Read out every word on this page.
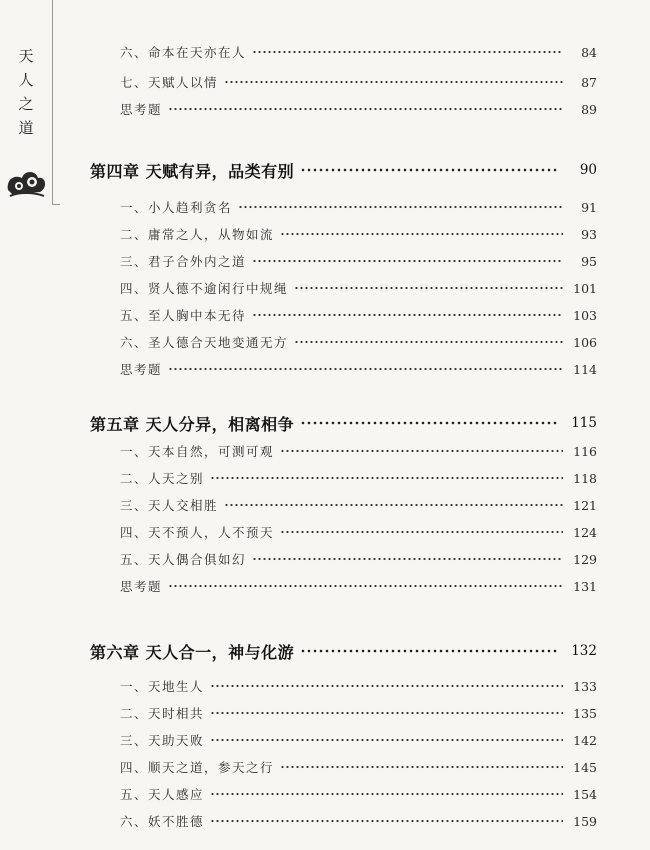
天
人
之
道
六、命本在天亦在人	84
七、天赋人以情	87
思考题	89
第四章 天赋有异，品类有别	90
一、小人趋利贪名	91
二、庸常之人，从物如流	93
三、君子合外内之道	95
四、贤人德不逾闲行中规绳	101
五、至人胸中本无待	103
六、圣人德合天地变通无方	106
思考题	114
第五章 天人分异，相离相争	115
一、天本自然，可测可观	116
二、人天之别	118
三、天人交相胜	121
四、天不预人，人不预天	124
五、天人偶合俱如幻	129
思考题	131
第六章 天人合一，神与化游	132
一、天地生人	133
二、天时相共	135
三、天助天败	142
四、顺天之道，参天之行	145
五、天人感应	154
六、妖不胜德	159
